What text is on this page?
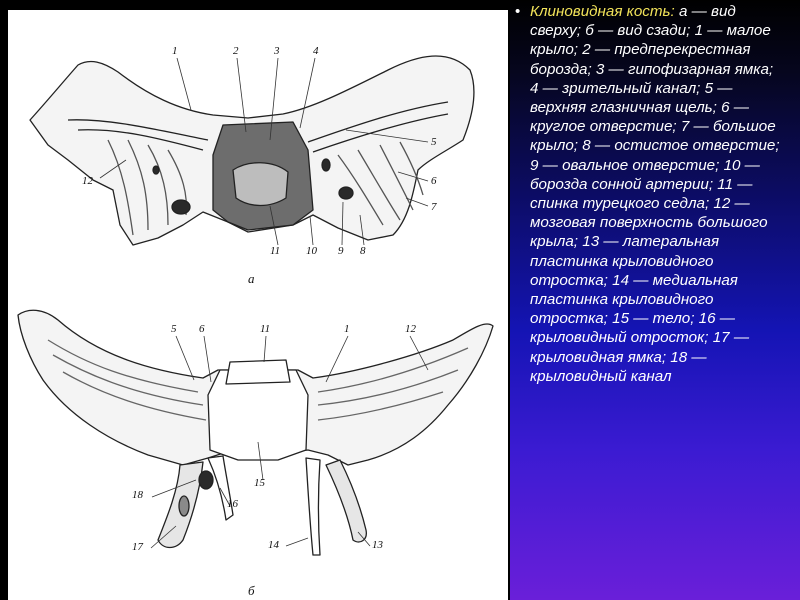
1	2	3	4
5
6
7
8
9
10
11
12
а
5 6	11	1	12
15
18
16
17	14	13
б
• Клиновидная кость: а — вид сверху; б — вид сзади; 1 — малое крыло; 2 — предперекрестная борозда; 3 — гипофизарная ямка; 4 — зрительный канал; 5 — верхняя глазничная щель; 6 — круглое отверстие; 7 — большое крыло; 8 — остистое отверстие; 9 — овальное отверстие; 10 — борозда сонной артерии; 11 — спинка турецкого седла; 12 — мозговая поверхность большого крыла; 13 — латеральная пластинка крыловидного отростка; 14 — медиальная пластинка крыловидного отростка; 15 — тело; 16 — крыловидный отросток; 17 — крыловидная ямка; 18 — крыловидный канал
